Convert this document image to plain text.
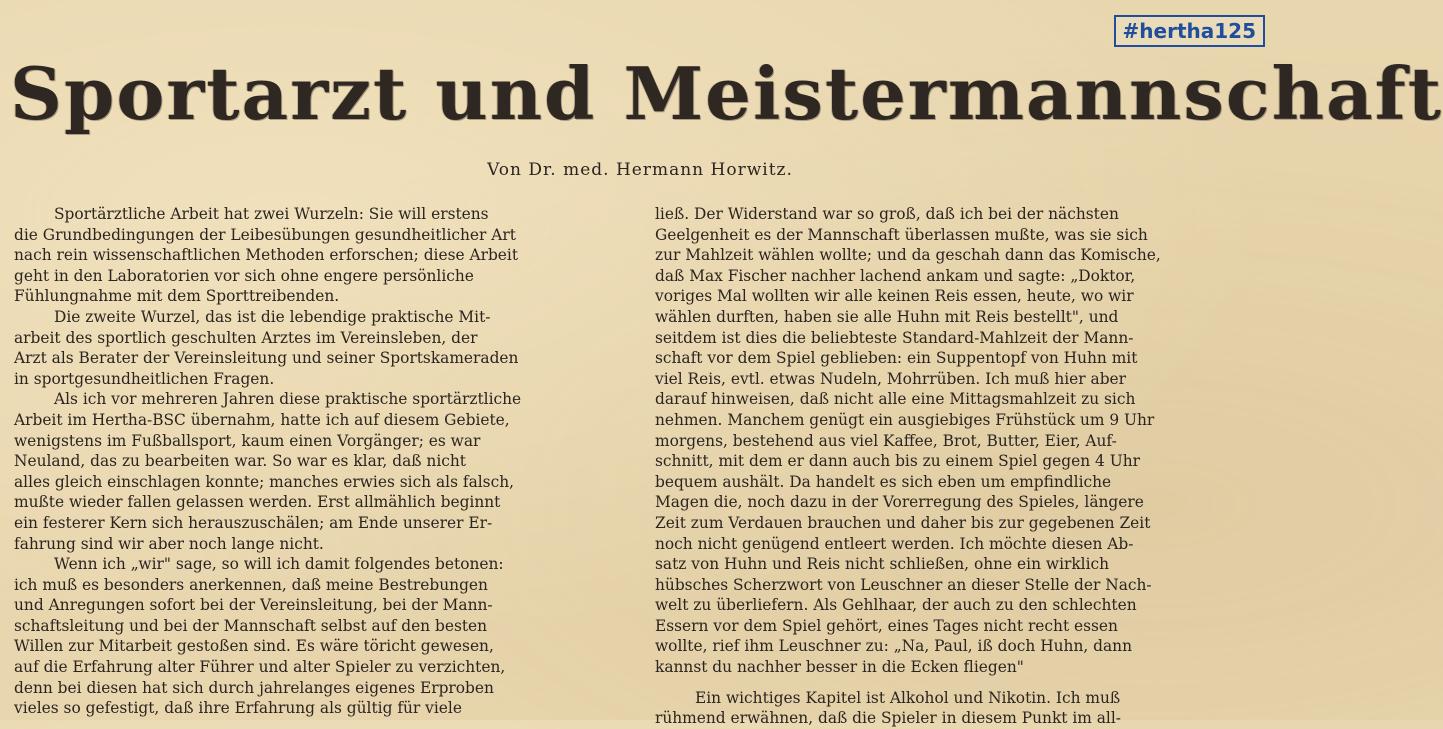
#hertha125
Sportarzt und Meistermannschaft
Von Dr. med. Hermann Horwitz.
Sportärztliche Arbeit hat zwei Wurzeln: Sie will erstens
die Grundbedingungen der Leibesübungen gesundheitlicher Art
nach rein wissenschaftlichen Methoden erforschen; diese Arbeit
geht in den Laboratorien vor sich ohne engere persönliche
Fühlungnahme mit dem Sporttreibenden.
Die zweite Wurzel, das ist die lebendige praktische Mit-
arbeit des sportlich geschulten Arztes im Vereinsleben, der
Arzt als Berater der Vereinsleitung und seiner Sportskameraden
in sportgesundheitlichen Fragen.
Als ich vor mehreren Jahren diese praktische sportärztliche
Arbeit im Hertha-BSC übernahm, hatte ich auf diesem Gebiete,
wenigstens im Fußballsport, kaum einen Vorgänger; es war
Neuland, das zu bearbeiten war. So war es klar, daß nicht
alles gleich einschlagen konnte; manches erwies sich als falsch,
mußte wieder fallen gelassen werden. Erst allmählich beginnt
ein festerer Kern sich herauszuschälen; am Ende unserer Er-
fahrung sind wir aber noch lange nicht.
Wenn ich „wir" sage, so will ich damit folgendes betonen:
ich muß es besonders anerkennen, daß meine Bestrebungen
und Anregungen sofort bei der Vereinsleitung, bei der Mann-
schaftsleitung und bei der Mannschaft selbst auf den besten
Willen zur Mitarbeit gestoßen sind. Es wäre töricht gewesen,
auf die Erfahrung alter Führer und alter Spieler zu verzichten,
denn bei diesen hat sich durch jahrelanges eigenes Erproben
vieles so gefestigt, daß ihre Erfahrung als gültig für viele
ließ. Der Widerstand war so groß, daß ich bei der nächsten
Geelgenheit es der Mannschaft überlassen mußte, was sie sich
zur Mahlzeit wählen wollte; und da geschah dann das Komische,
daß Max Fischer nachher lachend ankam und sagte: „Doktor,
voriges Mal wollten wir alle keinen Reis essen, heute, wo wir
wählen durften, haben sie alle Huhn mit Reis bestellt", und
seitdem ist dies die beliebteste Standard-Mahlzeit der Mann-
schaft vor dem Spiel geblieben: ein Suppentopf von Huhn mit
viel Reis, evtl. etwas Nudeln, Mohrrüben. Ich muß hier aber
darauf hinweisen, daß nicht alle eine Mittagsmahlzeit zu sich
nehmen. Manchem genügt ein ausgiebiges Frühstück um 9 Uhr
morgens, bestehend aus viel Kaffee, Brot, Butter, Eier, Auf-
schnitt, mit dem er dann auch bis zu einem Spiel gegen 4 Uhr
bequem aushält. Da handelt es sich eben um empfindliche
Magen die, noch dazu in der Vorerregung des Spieles, längere
Zeit zum Verdauen brauchen und daher bis zur gegebenen Zeit
noch nicht genügend entleert werden. Ich möchte diesen Ab-
satz von Huhn und Reis nicht schließen, ohne ein wirklich
hübsches Scherzwort von Leuschner an dieser Stelle der Nach-
welt zu überliefern. Als Gehlhaar, der auch zu den schlechten
Essern vor dem Spiel gehört, eines Tages nicht recht essen
wollte, rief ihm Leuschner zu: „Na, Paul, iß doch Huhn, dann
kannst du nachher besser in die Ecken fliegen"
Ein wichtiges Kapitel ist Alkohol und Nikotin. Ich muß
rühmend erwähnen, daß die Spieler in diesem Punkt im all-
